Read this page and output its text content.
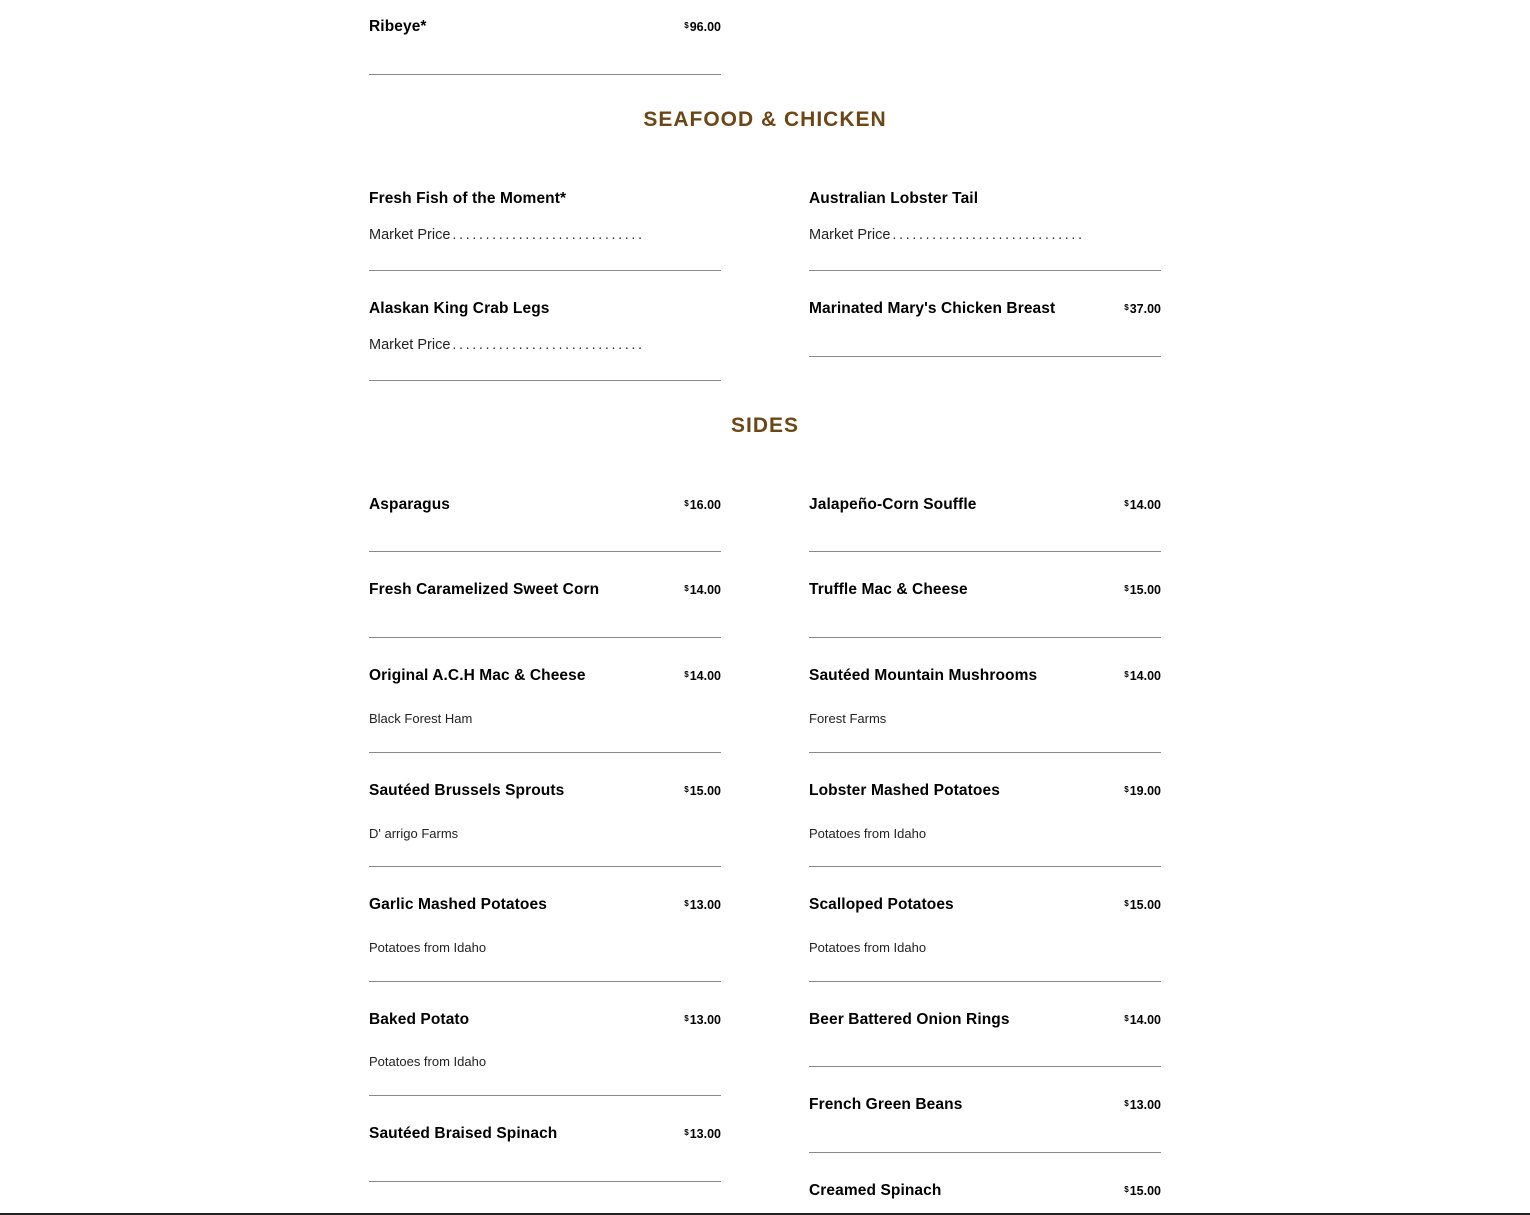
Ribeye*	$96.00
SEAFOOD & CHICKEN
Fresh Fish of the Moment*
Market Price .............................
Australian Lobster Tail
Market Price .............................
Alaskan King Crab Legs
Market Price .............................
Marinated Mary's Chicken Breast	$37.00
SIDES
Asparagus	$16.00
Fresh Caramelized Sweet Corn	$14.00
Original A.C.H Mac & Cheese	$14.00
Black Forest Ham
Sautéed Brussels Sprouts	$15.00
D' arrigo Farms
Garlic Mashed Potatoes	$13.00
Potatoes from Idaho
Baked Potato	$13.00
Potatoes from Idaho
Sautéed Braised Spinach	$13.00
Jalapeño-Corn Souffle	$14.00
Truffle Mac & Cheese	$15.00
Sautéed Mountain Mushrooms	$14.00
Forest Farms
Lobster Mashed Potatoes	$19.00
Potatoes from Idaho
Scalloped Potatoes	$15.00
Potatoes from Idaho
Beer Battered Onion Rings	$14.00
French Green Beans	$13.00
Creamed Spinach	$15.00
